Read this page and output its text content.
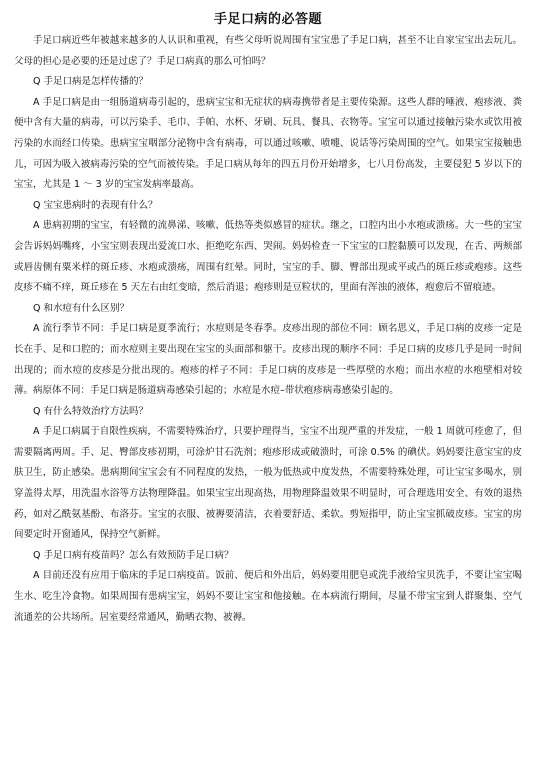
手足口病的必答题

手足口病近些年被越来越多的人认识和重视，有些父母听说周围有宝宝患了手足口病，甚至不让自家宝宝出去玩儿。父母的担心是必要的还是过虑了？手足口病真的那么可怕吗？

Q 手足口病是怎样传播的？

A 手足口病是由一组肠道病毒引起的，患病宝宝和无症状的病毒携带者是主要传染源。这些人群的唾液、疱疹液、粪便中含有大量的病毒，可以污染手、毛巾、手帕、水杯、牙刷、玩具、餐具、衣物等。宝宝可以通过接触污染水或饮用被污染的水而经口传染。患病宝宝咽部分泌物中含有病毒，可以通过咳嗽、喷嚏、说话等污染周围的空气。如果宝宝接触患儿，可因为吸入被病毒污染的空气而被传染。手足口病从每年的四五月份开始增多，七八月份高发，主要侵犯 5 岁以下的宝宝，尤其是 1 ～ 3 岁的宝宝发病率最高。

Q 宝宝患病时的表现有什么？

A 患病初期的宝宝，有轻微的流鼻涕、咳嗽、低热等类似感冒的症状。继之，口腔内出小水疱或溃疡。大一些的宝宝会告诉妈妈嘴疼，小宝宝则表现出爱流口水、拒绝吃东西、哭闹。妈妈检查一下宝宝的口腔黏膜可以发现，在舌、两颊部或唇齿侧有粟米样的斑丘疹、水疱或溃疡，周围有红晕。同时，宝宝的手、脚、臀部出现或平或凸的斑丘疹或疱疹。这些皮疹不痛不痒，斑丘疹在 5 天左右由红变暗，然后消退；疱疹则是豆粒状的，里面有浑浊的液体，疱愈后不留痕迹。

Q 和水痘有什么区别？

A 流行季节不同：手足口病是夏季流行；水痘则是冬春季。皮疹出现的部位不同：顾名思义，手足口病的皮疹一定是长在手、足和口腔的；而水痘则主要出现在宝宝的头面部和躯干。皮疹出现的顺序不同：手足口病的皮疹几乎是同一时间出现的；而水痘的皮疹是分批出现的。疱疹的样子不同：手足口病的皮疹是一些厚壁的水疱；而出水痘的水疱壁相对较薄。病原体不同：手足口病是肠道病毒感染引起的；水痘是水痘–带状疱疹病毒感染引起的。

Q 有什么特效治疗方法吗？

A 手足口病属于自限性疾病，不需要特殊治疗，只要护理得当，宝宝不出现严重的并发症，一般 1 周就可痊愈了，但需要隔离两周。手、足、臀部皮疹初期，可涂炉甘石洗剂；疱疹形成或破溃时，可涂 0.5% 的碘伏。妈妈要注意宝宝的皮肤卫生，防止感染。患病期间宝宝会有不同程度的发热，一般为低热或中度发热，不需要特殊处理，可让宝宝多喝水，别穿盖得太厚，用洗温水浴等方法物理降温。如果宝宝出现高热，用物理降温效果不明显时，可合理选用安全、有效的退热药，如对乙酰氨基酚、布洛芬。宝宝的衣服、被褥要清洁，衣着要舒适、柔软。剪短指甲，防止宝宝抓破皮疹。宝宝的房间要定时开窗通风，保持空气新鲜。

Q 手足口病有疫苗吗？怎么有效预防手足口病？

A 目前还没有应用于临床的手足口病疫苗。饭前、便后和外出后，妈妈要用肥皂或洗手液给宝贝洗手，不要让宝宝喝生水、吃生冷食物。如果周围有患病宝宝，妈妈不要让宝宝和他接触。在本病流行期间，尽量不带宝宝到人群聚集、空气流通差的公共场所。居室要经常通风，勤晒衣物、被褥。
